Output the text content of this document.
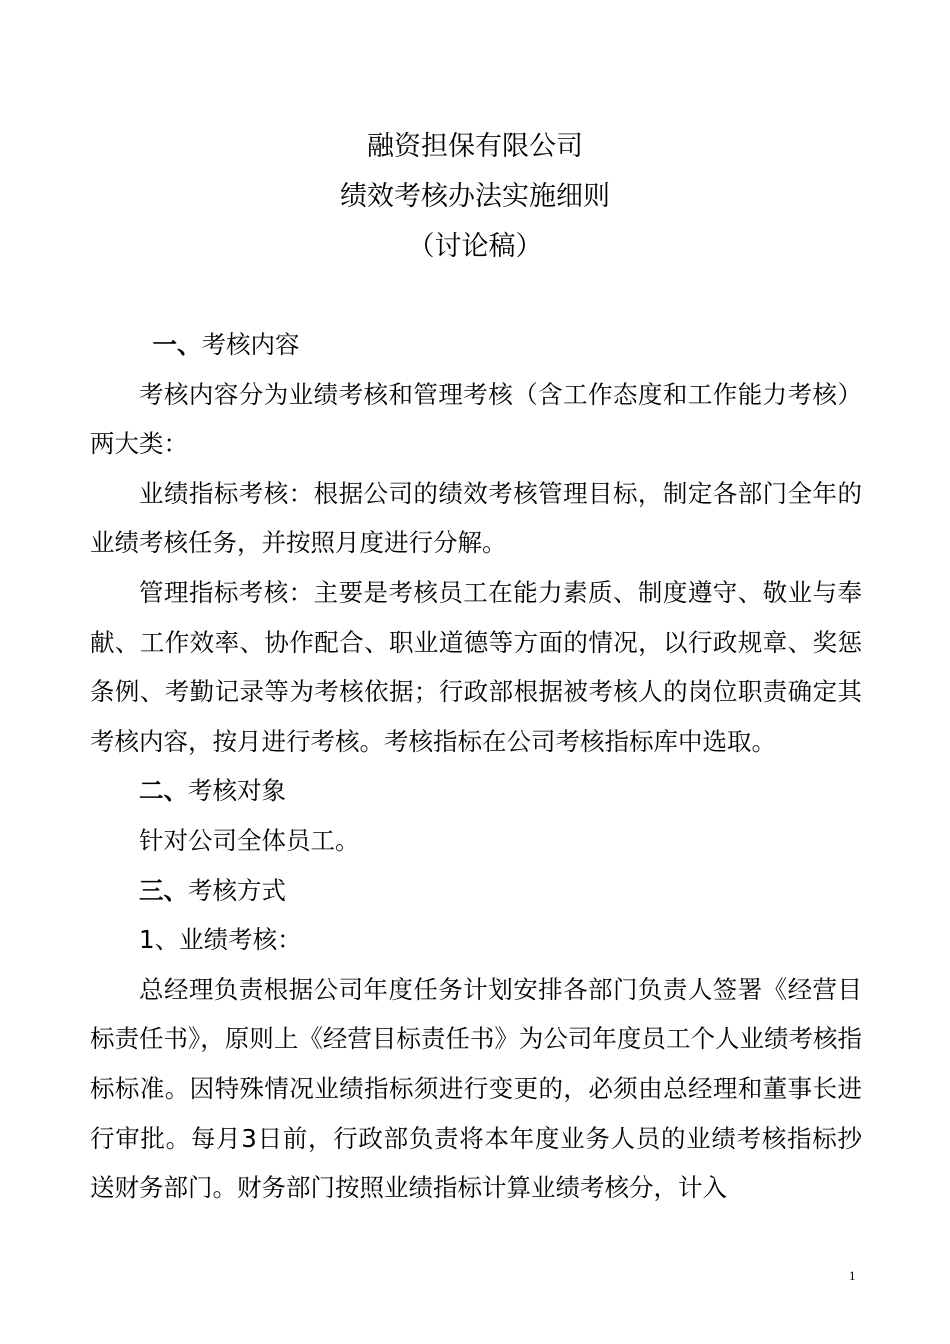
融资担保有限公司
绩效考核办法实施细则
（讨论稿）
一、考核内容

考核内容分为业绩考核和管理考核（含工作态度和工作能力考核）两大类：

业绩指标考核：根据公司的绩效考核管理目标，制定各部门全年的业绩考核任务，并按照月度进行分解。

管理指标考核：主要是考核员工在能力素质、制度遵守、敬业与奉献、工作效率、协作配合、职业道德等方面的情况，以行政规章、奖惩条例、考勤记录等为考核依据；行政部根据被考核人的岗位职责确定其考核内容，按月进行考核。考核指标在公司考核指标库中选取。

二、考核对象

针对公司全体员工。

三、考核方式

1、业绩考核：

总经理负责根据公司年度任务计划安排各部门负责人签署《经营目标责任书》，原则上《经营目标责任书》为公司年度员工个人业绩考核指标标准。因特殊情况业绩指标须进行变更的，必须由总经理和董事长进行审批。每月3日前，行政部负责将本年度业务人员的业绩考核指标抄送财务部门。财务部门按照业绩指标计算业绩考核分，计入

1
